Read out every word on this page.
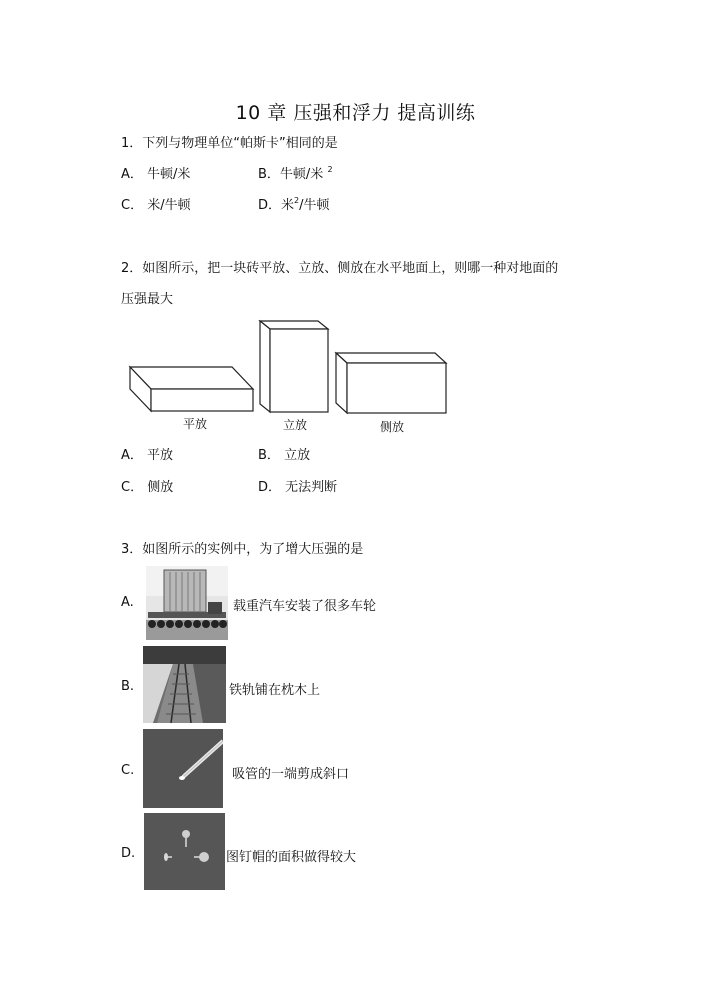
10 章 压强和浮力 提高训练
1．下列与物理单位“帕斯卡”相同的是
A． 牛顿/米	B．牛顿/米 $^2$
C． 米/牛顿	D．米$^2$/牛顿
2．如图所示，把一块砖平放、立放、侧放在水平地面上，则哪一种对地面的
压强最大
平放	立放	侧放
A． 平放	B． 立放
C． 侧放	D． 无法判断
3．如图所示的实例中，为了增大压强的是
A.	载重汽车安装了很多车轮
B.	铁轨铺在枕木上
C.	吸管的一端剪成斜口
D.	图钉帽的面积做得较大
